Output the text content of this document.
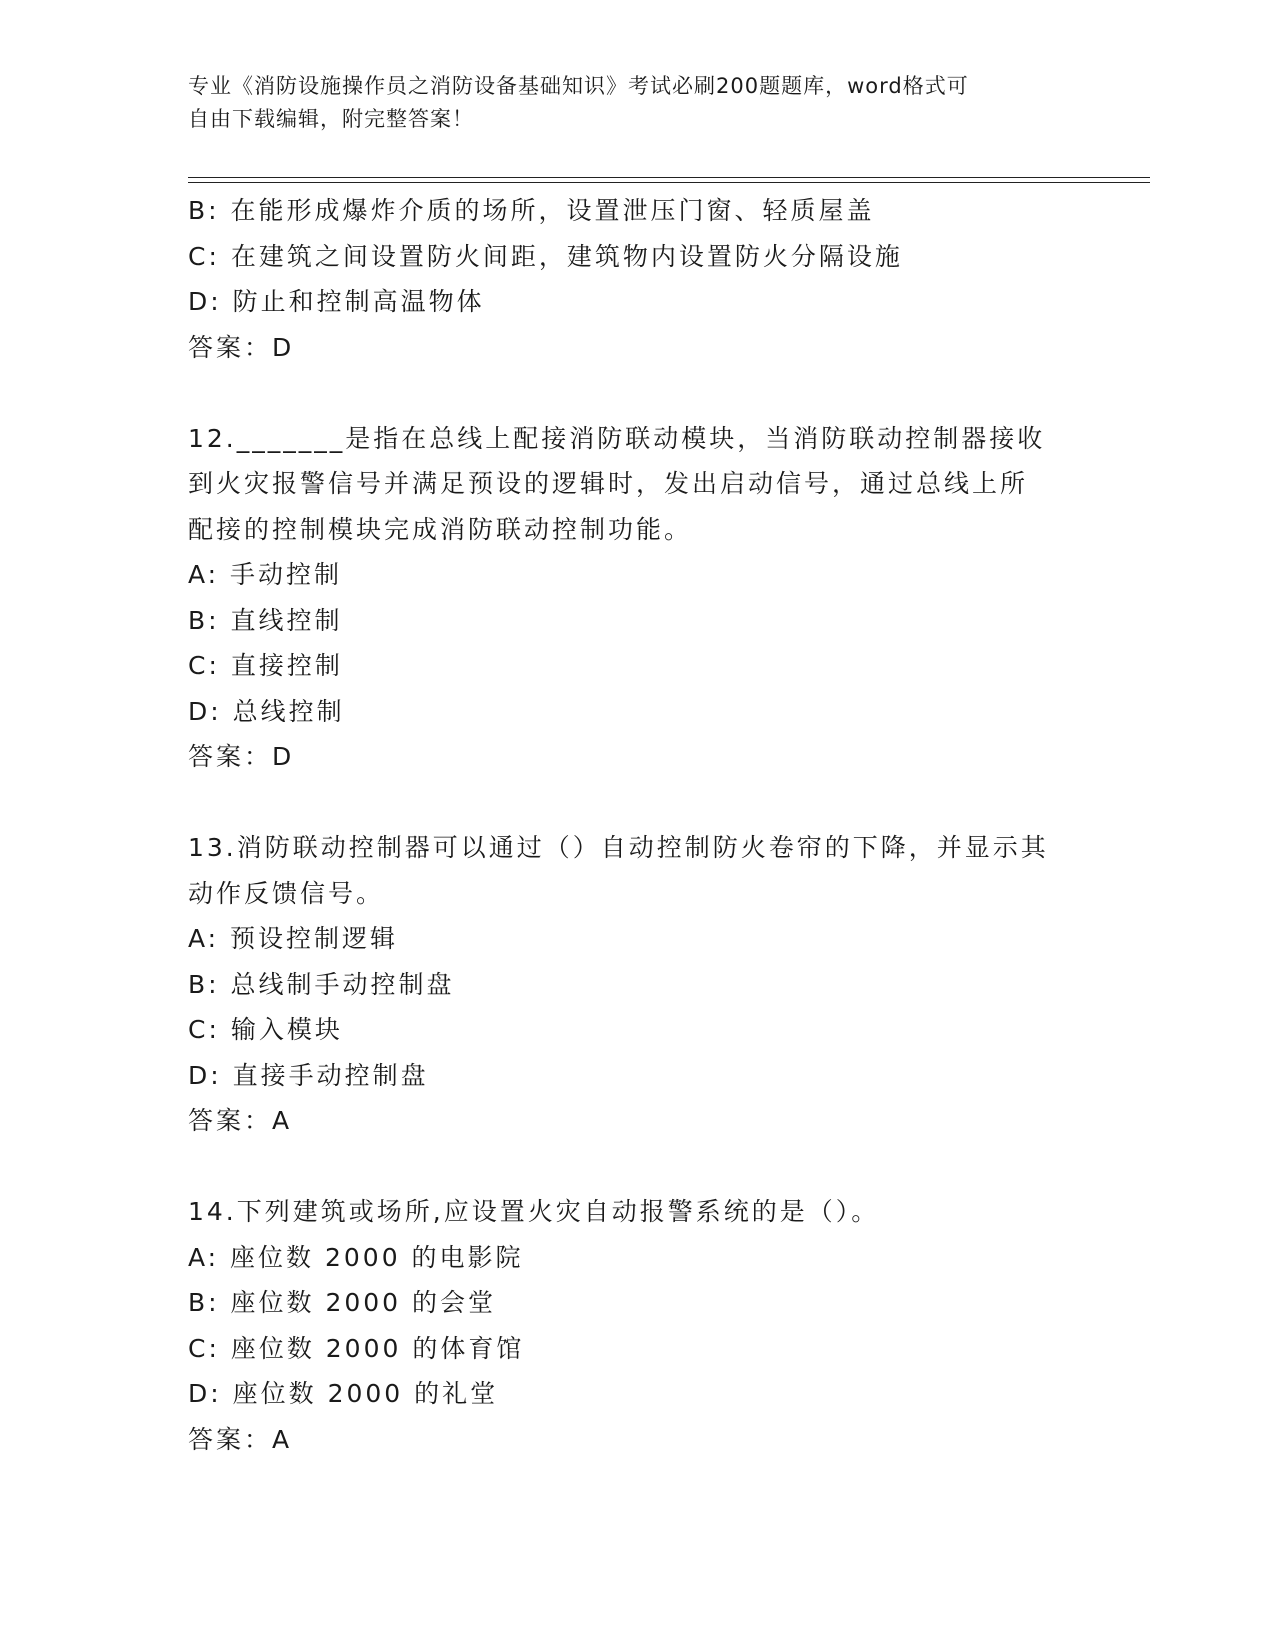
专业《消防设施操作员之消防设备基础知识》考试必刷200题题库，word格式可
自由下载编辑，附完整答案！
B: 在能形成爆炸介质的场所，设置泄压门窗、轻质屋盖
C: 在建筑之间设置防火间距，建筑物内设置防火分隔设施
D: 防止和控制高温物体
答案：D
12._______是指在总线上配接消防联动模块，当消防联动控制器接收
到火灾报警信号并满足预设的逻辑时，发出启动信号，通过总线上所
配接的控制模块完成消防联动控制功能。
A: 手动控制
B: 直线控制
C: 直接控制
D: 总线控制
答案：D
13.消防联动控制器可以通过（）自动控制防火卷帘的下降，并显示其
动作反馈信号。
A: 预设控制逻辑
B: 总线制手动控制盘
C: 输入模块
D: 直接手动控制盘
答案：A
14.下列建筑或场所,应设置火灾自动报警系统的是（）。
A: 座位数 2000 的电影院
B: 座位数 2000 的会堂
C: 座位数 2000 的体育馆
D: 座位数 2000 的礼堂
答案：A
